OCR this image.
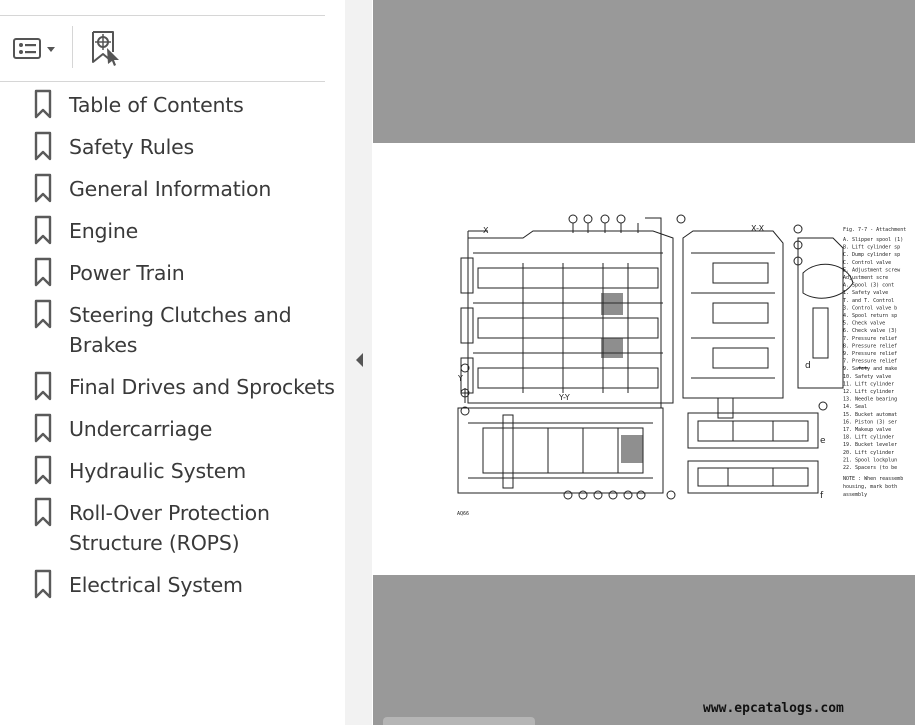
Table of Contents
Safety Rules
General Information
Engine
Power Train
Steering Clutches and Brakes
Final Drives and Sprockets
Undercarriage
Hydraulic System
Roll-Over Protection Structure (ROPS)
Electrical System
X
Y
X-X
Y-Y
d
e
f
AQ66
Fig. 7-7 - Attachment
A. Slipper spool (1)
B. Lift cylinder sp
C. Dump cylinder sp
C. Control valve
E. Adjustment screw
Adjustment scre
A. Spool (3) cont
1. Safety valve
T. and T. Control
3. Control valve b
4. Spool return sp
5. Check valve
6. Check valve (3)
7. Pressure relief
8. Pressure relief
9. Pressure relief
7. Pressure relief
9. Safety and make
10. Safety valve
11. Lift cylinder
12. Lift cylinder
13. Needle bearing
14. Seal
15. Bucket automat
16. Piston (3) ser
17. Makeup valve
18. Lift cylinder
19. Bucket leveler
20. Lift cylinder
21. Spool lockplun
22. Spacers (to be
NOTE : When reassemb
housing, mark both
assembly
www.epcatalogs.com
